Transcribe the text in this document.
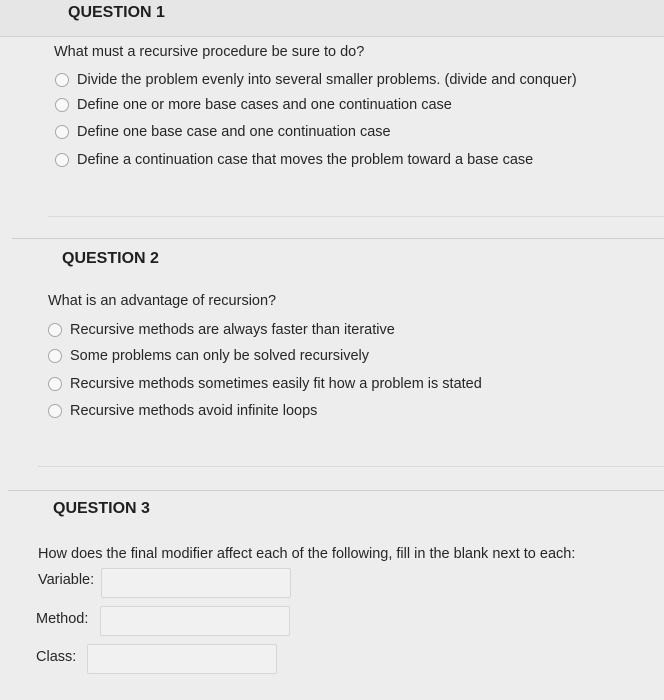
QUESTION 1
What must a recursive procedure be sure to do?
Divide the problem evenly into several smaller problems. (divide and conquer)
Define one or more base cases and one continuation case
Define one base case and one continuation case
Define a continuation case that moves the problem toward a base case
QUESTION 2
What is an advantage of recursion?
Recursive methods are always faster than iterative
Some problems can only be solved recursively
Recursive methods sometimes easily fit how a problem is stated
Recursive methods avoid infinite loops
QUESTION 3
How does the final modifier affect each of the following, fill in the blank next to each:
Variable:
Method:
Class:
